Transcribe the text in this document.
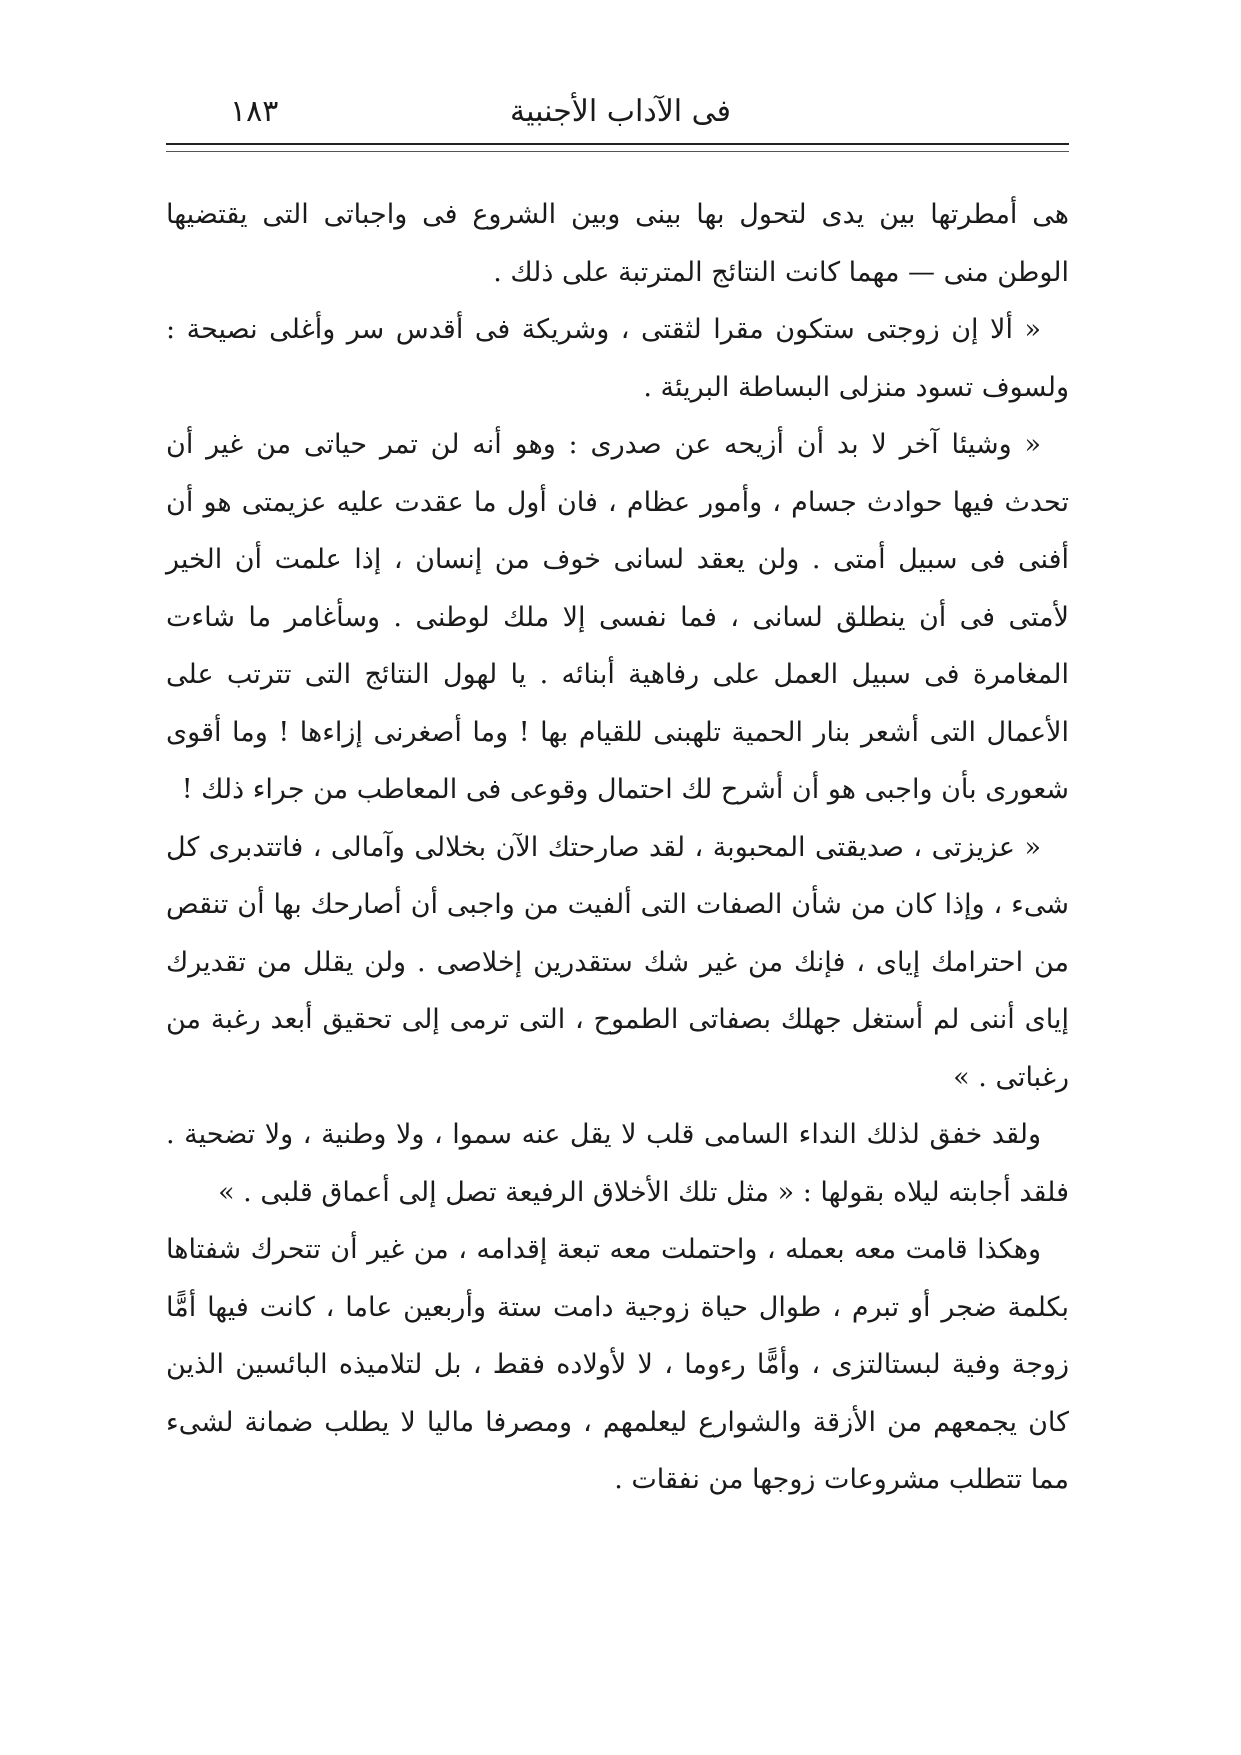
فى الآداب الأجنبية
١٨٣

هى أمطرتها بين يدى لتحول بها بينى وبين الشروع فى واجباتى التى يقتضيها الوطن منى — مهما كانت النتائج المترتبة على ذلك .

« ألا إن زوجتى ستكون مقرا لثقتى ، وشريكة فى أقدس سر وأغلى نصيحة : ولسوف تسود منزلى البساطة البريئة .

« وشيئا آخر لا بد أن أزيحه عن صدرى : وهو أنه لن تمر حياتى من غير أن تحدث فيها حوادث جسام ، وأمور عظام ، فان أول ما عقدت عليه عزيمتى هو أن أفنى فى سبيل أمتى . ولن يعقد لسانى خوف من إنسان ، إذا علمت أن الخير لأمتى فى أن ينطلق لسانى ، فما نفسى إلا ملك لوطنى . وسأغامر ما شاءت المغامرة فى سبيل العمل على رفاهية أبنائه . يا لهول النتائج التى تترتب على الأعمال التى أشعر بنار الحمية تلهبنى للقيام بها ! وما أصغرنى إزاءها ! وما أقوى شعورى بأن واجبى هو أن أشرح لك احتمال وقوعى فى المعاطب من جراء ذلك !

« عزيزتى ، صديقتى المحبوبة ، لقد صارحتك الآن بخلالى وآمالى ، فاتتدبرى كل شىء ، وإذا كان من شأن الصفات التى ألفيت من واجبى أن أصارحك بها أن تنقص من احترامك إياى ، فإنك من غير شك ستقدرين إخلاصى . ولن يقلل من تقديرك إياى أننى لم أستغل جهلك بصفاتى الطموح ، التى ترمى إلى تحقيق أبعد رغبة من رغباتى . »

ولقد خفق لذلك النداء السامى قلب لا يقل عنه سموا ، ولا وطنية ، ولا تضحية . فلقد أجابته ليلاه بقولها : « مثل تلك الأخلاق الرفيعة تصل إلى أعماق قلبى . »

وهكذا قامت معه بعمله ، واحتملت معه تبعة إقدامه ، من غير أن تتحرك شفتاها بكلمة ضجر أو تبرم ، طوال حياة زوجية دامت ستة وأربعين عاما ، كانت فيها أمًّا زوجة وفية لبستالتزى ، وأمًّا رءوما ، لا لأولاده فقط ، بل لتلاميذه البائسين الذين كان يجمعهم من الأزقة والشوارع ليعلمهم ، ومصرفا ماليا لا يطلب ضمانة لشىء مما تتطلب مشروعات زوجها من نفقات .
